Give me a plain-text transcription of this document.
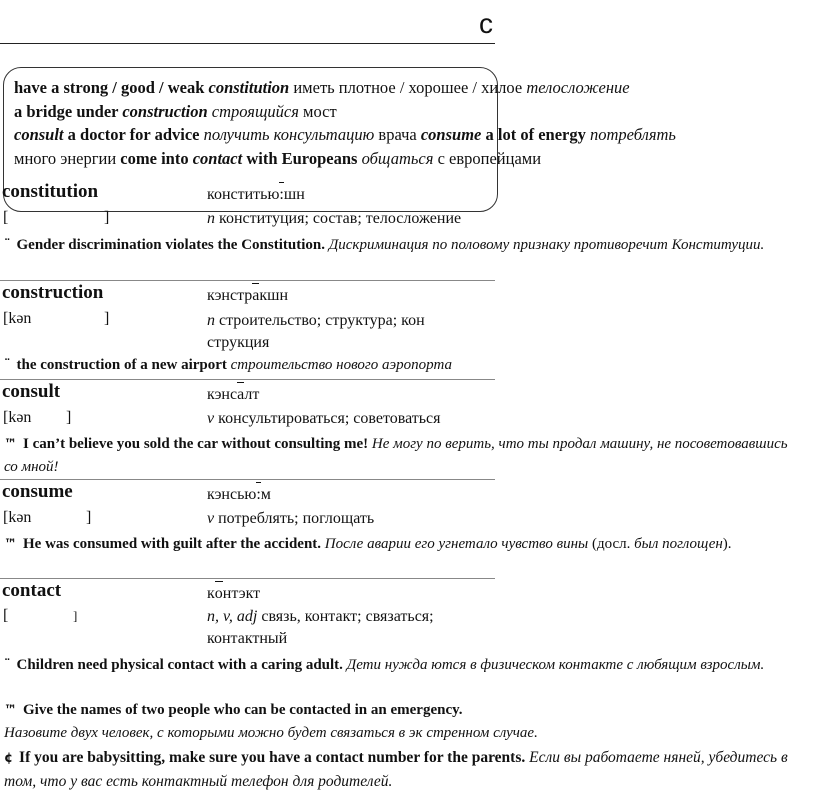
c
have a strong / good / weak constitution иметь плотное / хорошее / хилое телосложение
a bridge under construction строящийся мост
consult a doctor for advice получить консультацию врача consume a lot of energy потреблять
много энергии come into contact with Europeans общаться с европейцами
constitution	конститью:шн
[	]	n конституция; состав; телосложение
¨ Gender discrimination violates the Constitution. Дискриминация по половому признаку противоречит Конституции.
construction	кэнстракшн
[kən	]	n строительство; структура; кон струкция
¨ the construction of a new airport строительство нового аэропорта
consult	кэнсалт
[kən ]	v консультироваться; советоваться
™ I can’t believe you sold the car without consulting me! Не могу по верить, что ты продал машину, не посоветовавшись со мной!
consume	кэнсью:м
[kən	]	v потреблять; поглощать
™ He was consumed with guilt after the accident. После аварии его угнетало чувство вины (досл. был поглощен).
contact	контэкт
[	]	n, v, adj связь, контакт; связаться; контактный
¨ Children need physical contact with a caring adult. Дети нужда ются в физическом контакте с любящим взрослым.
™ Give the names of two people who can be contacted in an emergency.
Назовите двух человек, с которыми можно будет связаться в эк стренном случае.
¢ If you are babysitting, make sure you have a contact number for the parents. Если вы работаете няней, убедитесь в том, что у вас есть контактный телефон для родителей.
